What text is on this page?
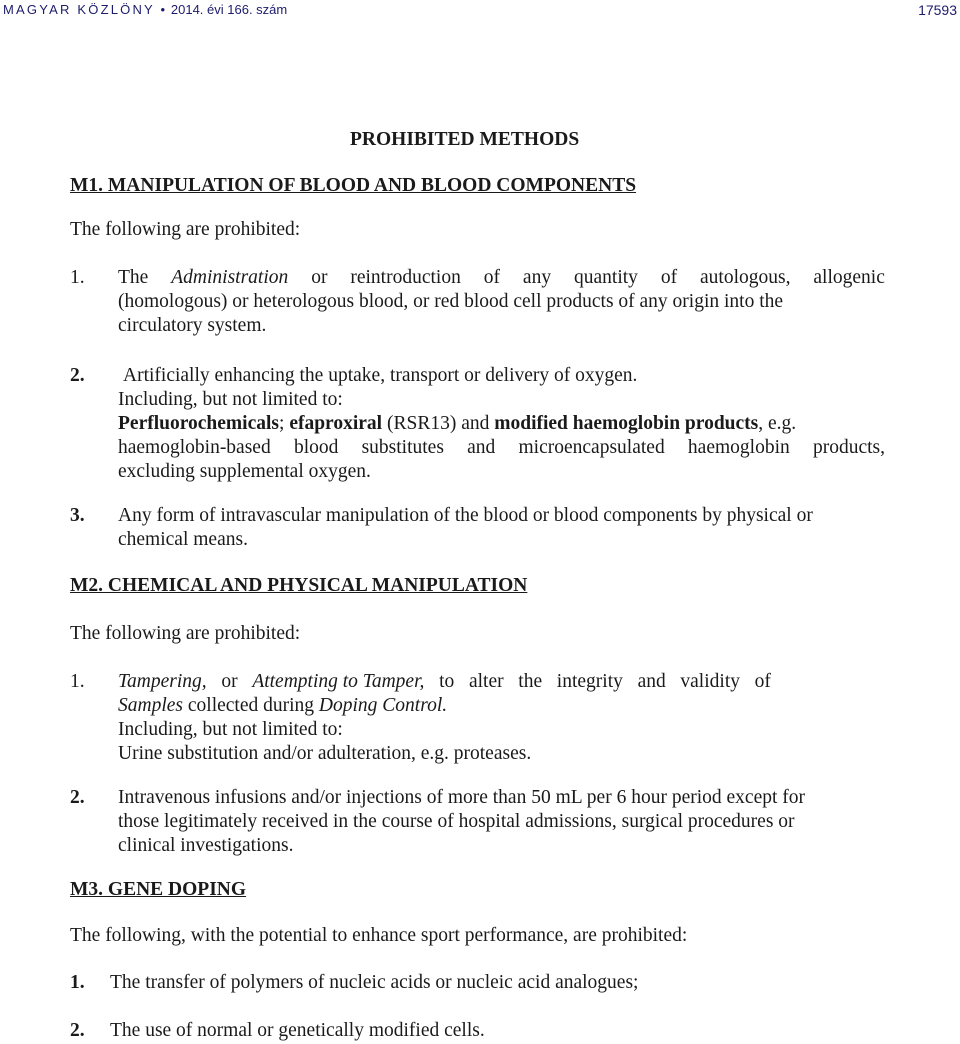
MAGYAR KÖZLÖNY • 2014. évi 166. szám	17593
PROHIBITED METHODS
M1. MANIPULATION OF BLOOD AND BLOOD COMPONENTS
The following are prohibited:
1. The Administration or reintroduction of any quantity of autologous, allogenic
(homologous) or heterologous blood, or red blood cell products of any origin into the
circulatory system.
2. Artificially enhancing the uptake, transport or delivery of oxygen.
Including, but not limited to:
Perfluorochemicals; efaproxiral (RSR13) and modified haemoglobin products, e.g.
haemoglobin-based blood substitutes and microencapsulated haemoglobin products,
excluding supplemental oxygen.
3. Any form of intravascular manipulation of the blood or blood components by physical or
chemical means.
M2. CHEMICAL AND PHYSICAL MANIPULATION
The following are prohibited:
1. Tampering, or Attempting to Tamper, to alter the integrity and validity of
Samples collected during Doping Control.
Including, but not limited to:
Urine substitution and/or adulteration, e.g. proteases.
2. Intravenous infusions and/or injections of more than 50 mL per 6 hour period except for
those legitimately received in the course of hospital admissions, surgical procedures or
clinical investigations.
M3. GENE DOPING
The following, with the potential to enhance sport performance, are prohibited:
1. The transfer of polymers of nucleic acids or nucleic acid analogues;
2. The use of normal or genetically modified cells.
